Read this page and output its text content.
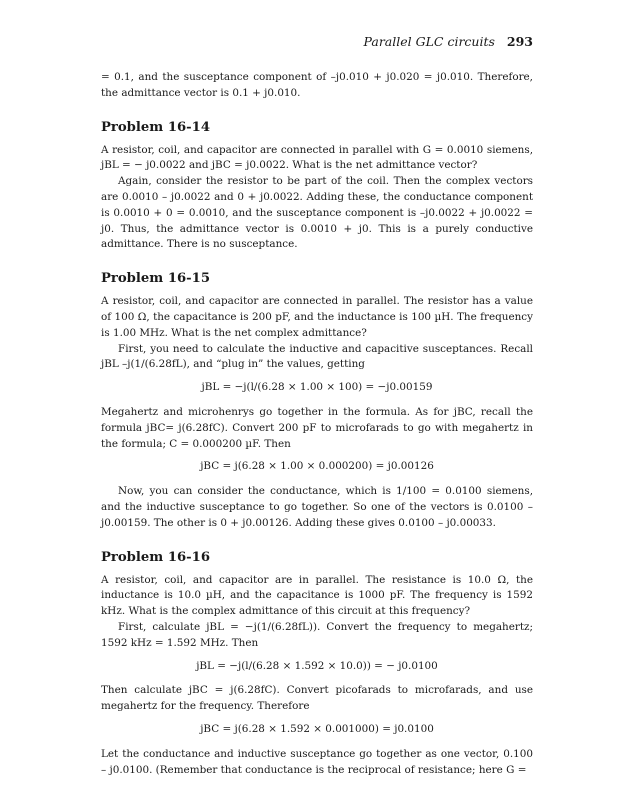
Parallel GLC circuits 293

= 0.1, and the susceptance component of –j0.010 + j0.020 = j0.010. Therefore, the admittance vector is 0.1 + j0.010.

Problem 16-14

A resistor, coil, and capacitor are connected in parallel with G = 0.0010 siemens, jBL = − j0.0022 and jBC = j0.0022. What is the net admittance vector?

Again, consider the resistor to be part of the coil. Then the complex vectors are 0.0010 – j0.0022 and 0 + j0.0022. Adding these, the conductance component is 0.0010 + 0 = 0.0010, and the susceptance component is –j0.0022 + j0.0022 = j0. Thus, the admittance vector is 0.0010 + j0. This is a purely conductive admittance. There is no susceptance.

Problem 16-15

A resistor, coil, and capacitor are connected in parallel. The resistor has a value of 100 Ω, the capacitance is 200 pF, and the inductance is 100 µH. The frequency is 1.00 MHz. What is the net complex admittance?

First, you need to calculate the inductive and capacitive susceptances. Recall jBL –j(1/(6.28fL), and “plug in” the values, getting

jBL = −j(l/(6.28 × 1.00 × 100) = −j0.00159

Megahertz and microhenrys go together in the formula. As for jBC, recall the formula jBC= j(6.28fC). Convert 200 pF to microfarads to go with megahertz in the formula; C = 0.000200 µF. Then

jBC = j(6.28 × 1.00 × 0.000200) = j0.00126

Now, you can consider the conductance, which is 1/100 = 0.0100 siemens, and the inductive susceptance to go together. So one of the vectors is 0.0100 – j0.00159. The other is 0 + j0.00126. Adding these gives 0.0100 – j0.00033.

Problem 16-16

A resistor, coil, and capacitor are in parallel. The resistance is 10.0 Ω, the inductance is 10.0 µH, and the capacitance is 1000 pF. The frequency is 1592 kHz. What is the complex admittance of this circuit at this frequency?

First, calculate jBL = −j(1/(6.28fL)). Convert the frequency to megahertz; 1592 kHz = 1.592 MHz. Then

jBL = −j(l/(6.28 × 1.592 × 10.0)) = − j0.0100

Then calculate jBC = j(6.28fC). Convert picofarads to microfarads, and use megahertz for the frequency. Therefore

jBC = j(6.28 × 1.592 × 0.001000) = j0.0100

Let the conductance and inductive susceptance go together as one vector, 0.100 – j0.0100. (Remember that conductance is the reciprocal of resistance; here G =
